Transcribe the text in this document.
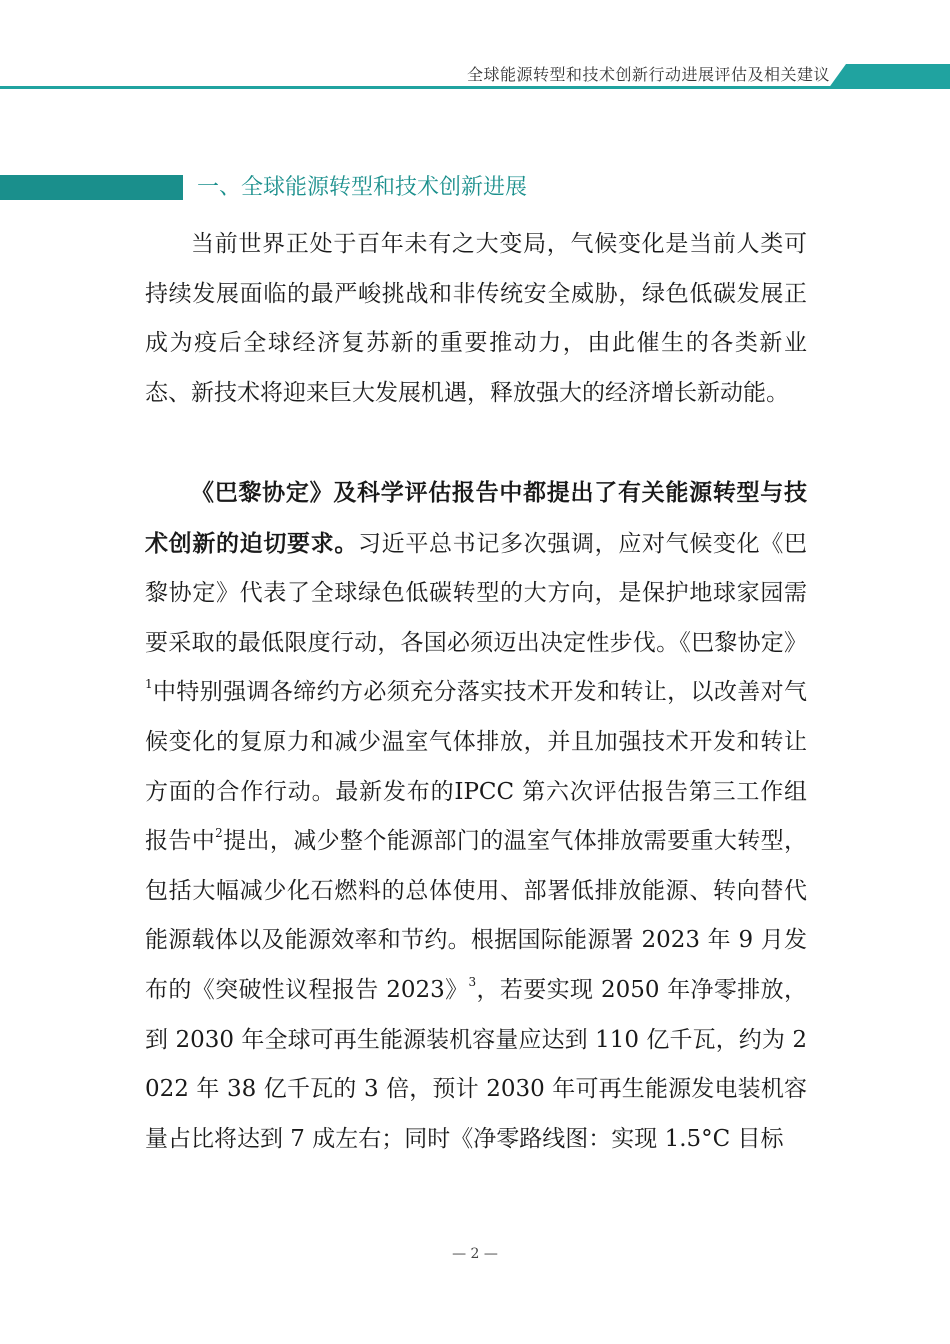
全球能源转型和技术创新行动进展评估及相关建议
一、全球能源转型和技术创新进展

当前世界正处于百年未有之大变局，气候变化是当前人类可持续发展面临的最严峻挑战和非传统安全威胁，绿色低碳发展正成为疫后全球经济复苏新的重要推动力，由此催生的各类新业态、新技术将迎来巨大发展机遇，释放强大的经济增长新动能。

《巴黎协定》及科学评估报告中都提出了有关能源转型与技术创新的迫切要求。习近平总书记多次强调，应对气候变化《巴黎协定》代表了全球绿色低碳转型的大方向，是保护地球家园需要采取的最低限度行动，各国必须迈出决定性步伐。《巴黎协定》$^1$中特别强调各缔约方必须充分落实技术开发和转让，以改善对气候变化的复原力和减少温室气体排放，并且加强技术开发和转让方面的合作行动。最新发布的IPCC 第六次评估报告第三工作组报告中$^2$提出，减少整个能源部门的温室气体排放需要重大转型，包括大幅减少化石燃料的总体使用、部署低排放能源、转向替代能源载体以及能源效率和节约。根据国际能源署 2023 年 9 月发布的《突破性议程报告 2023》$^3$，若要实现 2050 年净零排放，到 2030 年全球可再生能源装机容量应达到 110 亿千瓦，约为 2022 年 38 亿千瓦的 3 倍，预计 2030 年可再生能源发电装机容量占比将达到 7 成左右；同时《净零路线图：实现 1.5°C 目标

— 2 —
